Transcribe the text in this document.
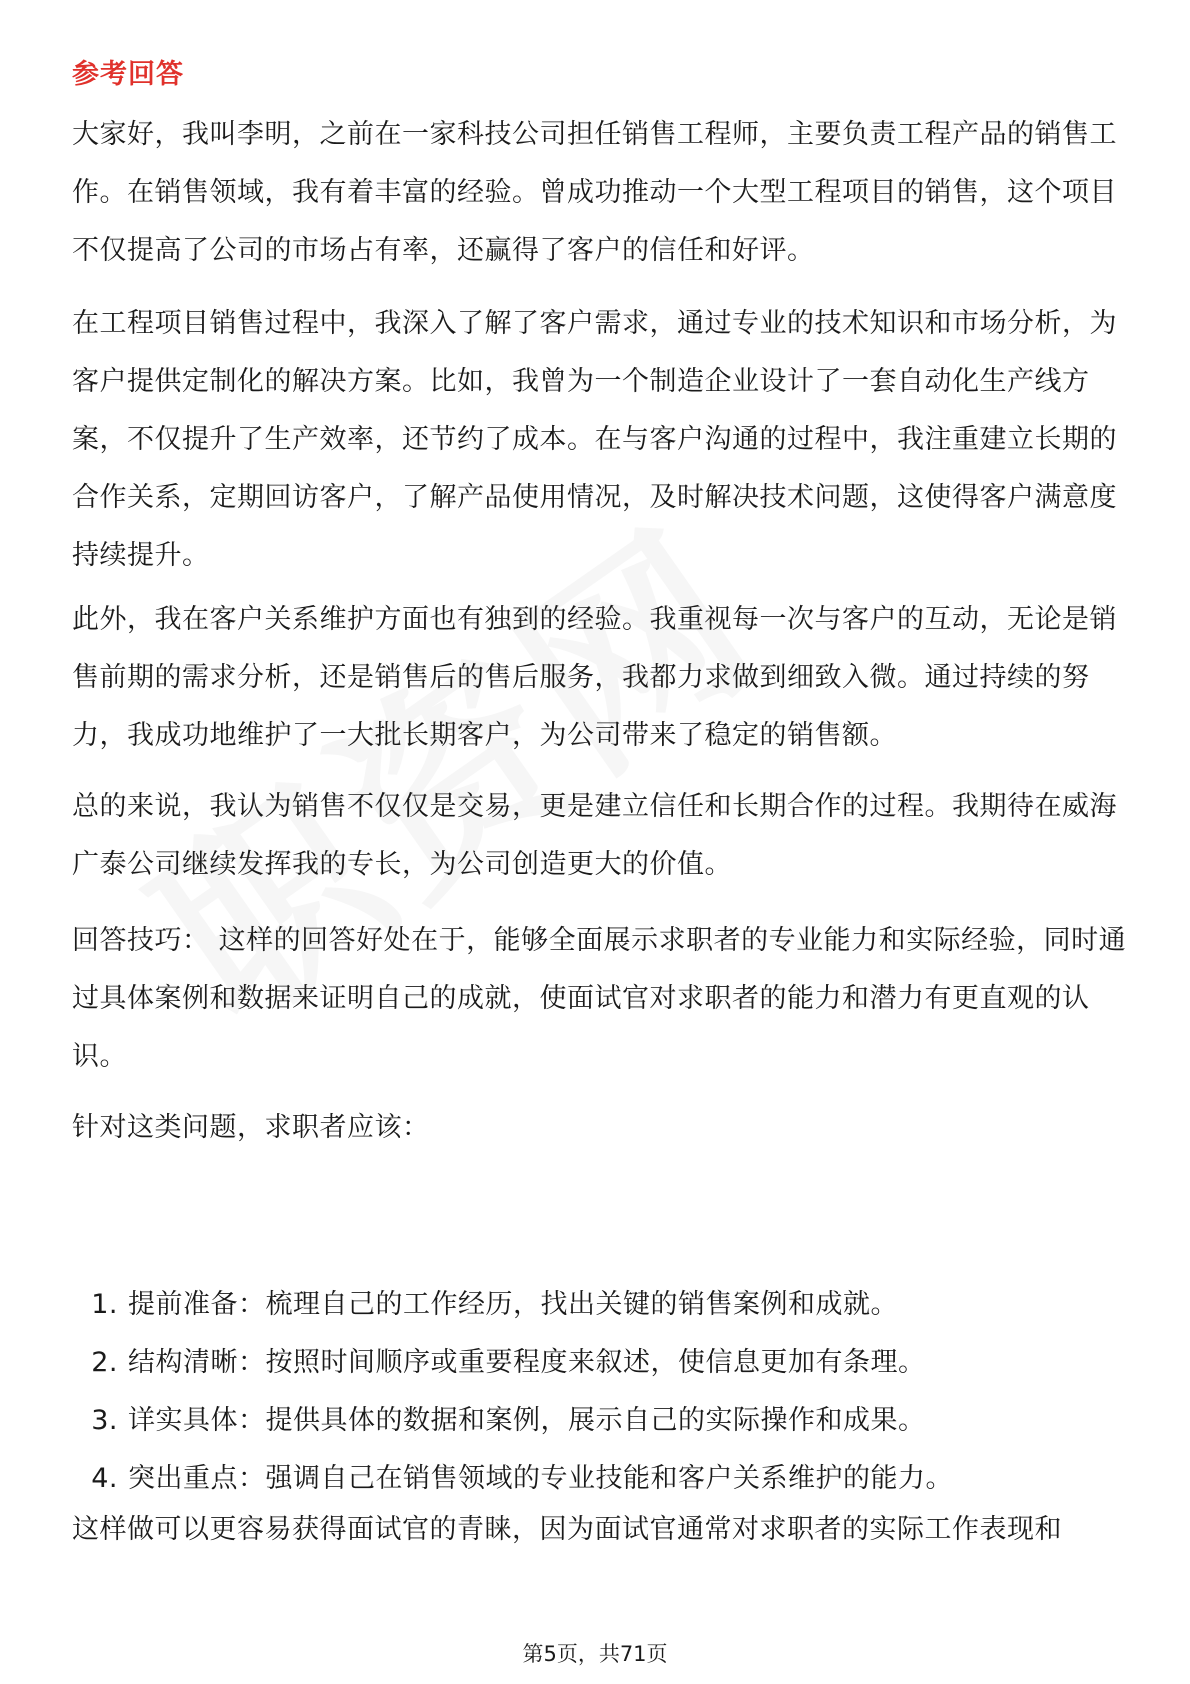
参考回答

大家好，我叫李明，之前在一家科技公司担任销售工程师，主要负责工程产品的销售工作。在销售领域，我有着丰富的经验。曾成功推动一个大型工程项目的销售，这个项目不仅提高了公司的市场占有率，还赢得了客户的信任和好评。

在工程项目销售过程中，我深入了解了客户需求，通过专业的技术知识和市场分析，为客户提供定制化的解决方案。比如，我曾为一个制造企业设计了一套自动化生产线方案，不仅提升了生产效率，还节约了成本。在与客户沟通的过程中，我注重建立长期的合作关系，定期回访客户，了解产品使用情况，及时解决技术问题，这使得客户满意度持续提升。

此外，我在客户关系维护方面也有独到的经验。我重视每一次与客户的互动，无论是销售前期的需求分析，还是销售后的售后服务，我都力求做到细致入微。通过持续的努力，我成功地维护了一大批长期客户，为公司带来了稳定的销售额。

总的来说，我认为销售不仅仅是交易，更是建立信任和长期合作的过程。我期待在威海广泰公司继续发挥我的专长，为公司创造更大的价值。

回答技巧： 这样的回答好处在于，能够全面展示求职者的专业能力和实际经验，同时通过具体案例和数据来证明自己的成就，使面试官对求职者的能力和潜力有更直观的认识。

针对这类问题，求职者应该：

1. 提前准备：梳理自己的工作经历，找出关键的销售案例和成就。
2. 结构清晰：按照时间顺序或重要程度来叙述，使信息更加有条理。
3. 详实具体：提供具体的数据和案例，展示自己的实际操作和成果。
4. 突出重点：强调自己在销售领域的专业技能和客户关系维护的能力。

这样做可以更容易获得面试官的青睐，因为面试官通常对求职者的实际工作表现和

第5页，共71页
